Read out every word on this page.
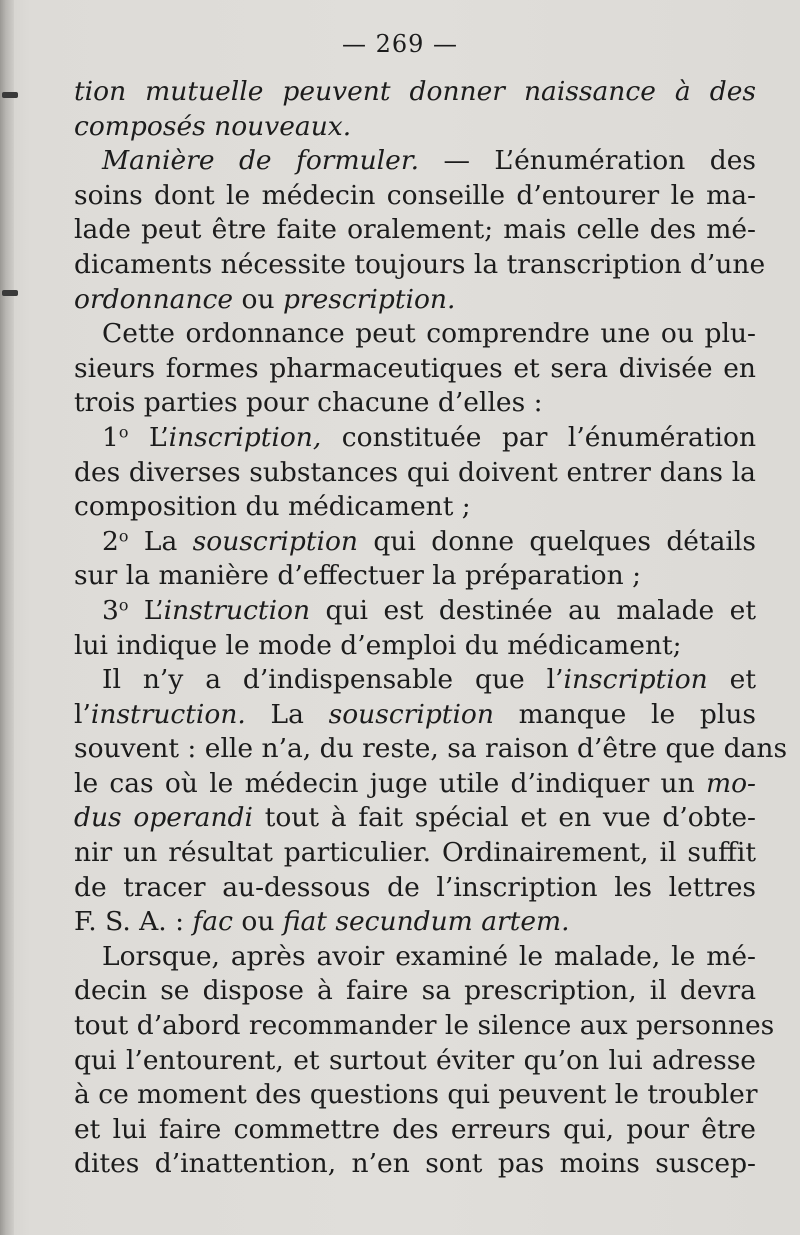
— 269 —
tion mutuelle peuvent donner naissance à des
composés nouveaux.
Manière de formuler. — L’énumération des
soins dont le médecin conseille d’entourer le ma-
lade peut être faite oralement; mais celle des mé-
dicaments nécessite toujours la transcription d’une
ordonnance ou prescription.
Cette ordonnance peut comprendre une ou plu-
sieurs formes pharmaceutiques et sera divisée en
trois parties pour chacune d’elles :
1$^o$ L’inscription, constituée par l’énumération
des diverses substances qui doivent entrer dans la
composition du médicament ;
2$^o$ La souscription qui donne quelques détails
sur la manière d’effectuer la préparation ;
3$^o$ L’instruction qui est destinée au malade et
lui indique le mode d’emploi du médicament;
Il n’y a d’indispensable que l’inscription et
l’instruction. La souscription manque le plus
souvent : elle n’a, du reste, sa raison d’être que dans
le cas où le médecin juge utile d’indiquer un mo-
dus operandi tout à fait spécial et en vue d’obte-
nir un résultat particulier. Ordinairement, il suffit
de tracer au-dessous de l’inscription les lettres
F. S. A. : fac ou fiat secundum artem.
Lorsque, après avoir examiné le malade, le mé-
decin se dispose à faire sa prescription, il devra
tout d’abord recommander le silence aux personnes
qui l’entourent, et surtout éviter qu’on lui adresse
à ce moment des questions qui peuvent le troubler
et lui faire commettre des erreurs qui, pour être
dites d’inattention, n’en sont pas moins suscep-
